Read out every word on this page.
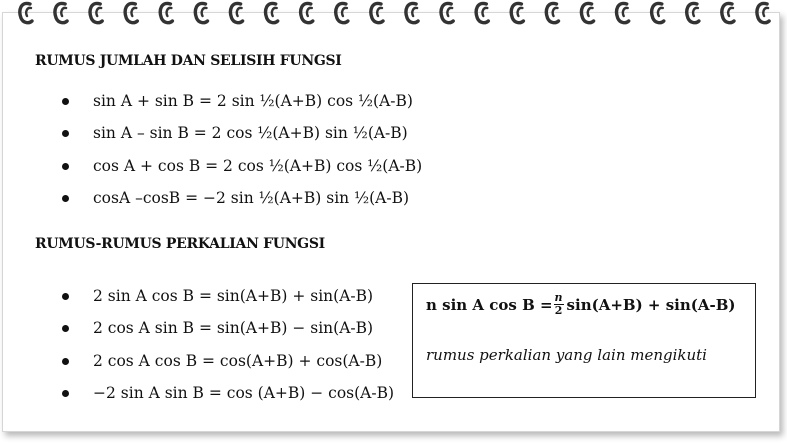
RUMUS JUMLAH DAN SELISIH FUNGSI
sin A + sin B = 2 sin ½(A+B) cos ½(A-B)
sin A – sin B = 2 cos ½(A+B) sin ½(A-B)
cos A + cos B = 2 cos ½(A+B) cos ½(A-B)
cosA –cosB = −2 sin ½(A+B) sin ½(A-B)
RUMUS-RUMUS PERKALIAN FUNGSI
2 sin A cos B = sin(A+B) + sin(A-B)
2 cos A sin B = sin(A+B) − sin(A-B)
2 cos A cos B = cos(A+B) + cos(A-B)
−2 sin A sin B = cos (A+B) − cos(A-B)
n sin A $\cos B = \frac{n}{2} \sin(A+B) + \sin(A-B)$
rumus perkalian yang lain mengikuti
